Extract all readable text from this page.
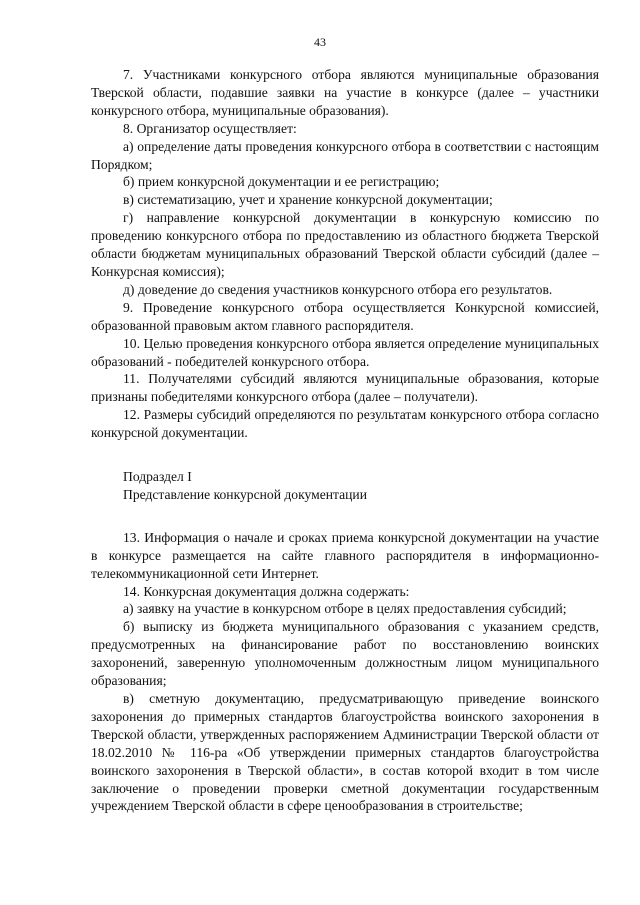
43

7. Участниками конкурсного отбора являются муниципальные образования Тверской области, подавшие заявки на участие в конкурсе (далее – участники конкурсного отбора, муниципальные образования).

8. Организатор осуществляет:

а) определение даты проведения конкурсного отбора в соответствии с настоящим Порядком;

б) прием конкурсной документации и ее регистрацию;

в) систематизацию, учет и хранение конкурсной документации;

г) направление конкурсной документации в конкурсную комиссию по проведению конкурсного отбора по предоставлению из областного бюджета Тверской области бюджетам муниципальных образований Тверской области субсидий (далее – Конкурсная комиссия);

д) доведение до сведения участников конкурсного отбора его результатов.

9. Проведение конкурсного отбора осуществляется Конкурсной комиссией, образованной правовым актом главного распорядителя.

10. Целью проведения конкурсного отбора является определение муниципальных образований - победителей конкурсного отбора.

11. Получателями субсидий являются муниципальные образования, которые признаны победителями конкурсного отбора (далее – получатели).

12. Размеры субсидий определяются по результатам конкурсного отбора согласно конкурсной документации.

Подраздел I

Представление конкурсной документации

13. Информация о начале и сроках приема конкурсной документации на участие в конкурсе размещается на сайте главного распорядителя в информационно-телекоммуникационной сети Интернет.

14. Конкурсная документация должна содержать:

а) заявку на участие в конкурсном отборе в целях предоставления субсидий;

б) выписку из бюджета муниципального образования с указанием средств, предусмотренных на финансирование работ по восстановлению воинских захоронений, заверенную уполномоченным должностным лицом муниципального образования;

в) сметную документацию, предусматривающую приведение воинского захоронения до примерных стандартов благоустройства воинского захоронения в Тверской области, утвержденных распоряжением Администрации Тверской области от 18.02.2010 № 116-ра «Об утверждении примерных стандартов благоустройства воинского захоронения в Тверской области», в состав которой входит в том числе заключение о проведении проверки сметной документации государственным учреждением Тверской области в сфере ценообразования в строительстве;
